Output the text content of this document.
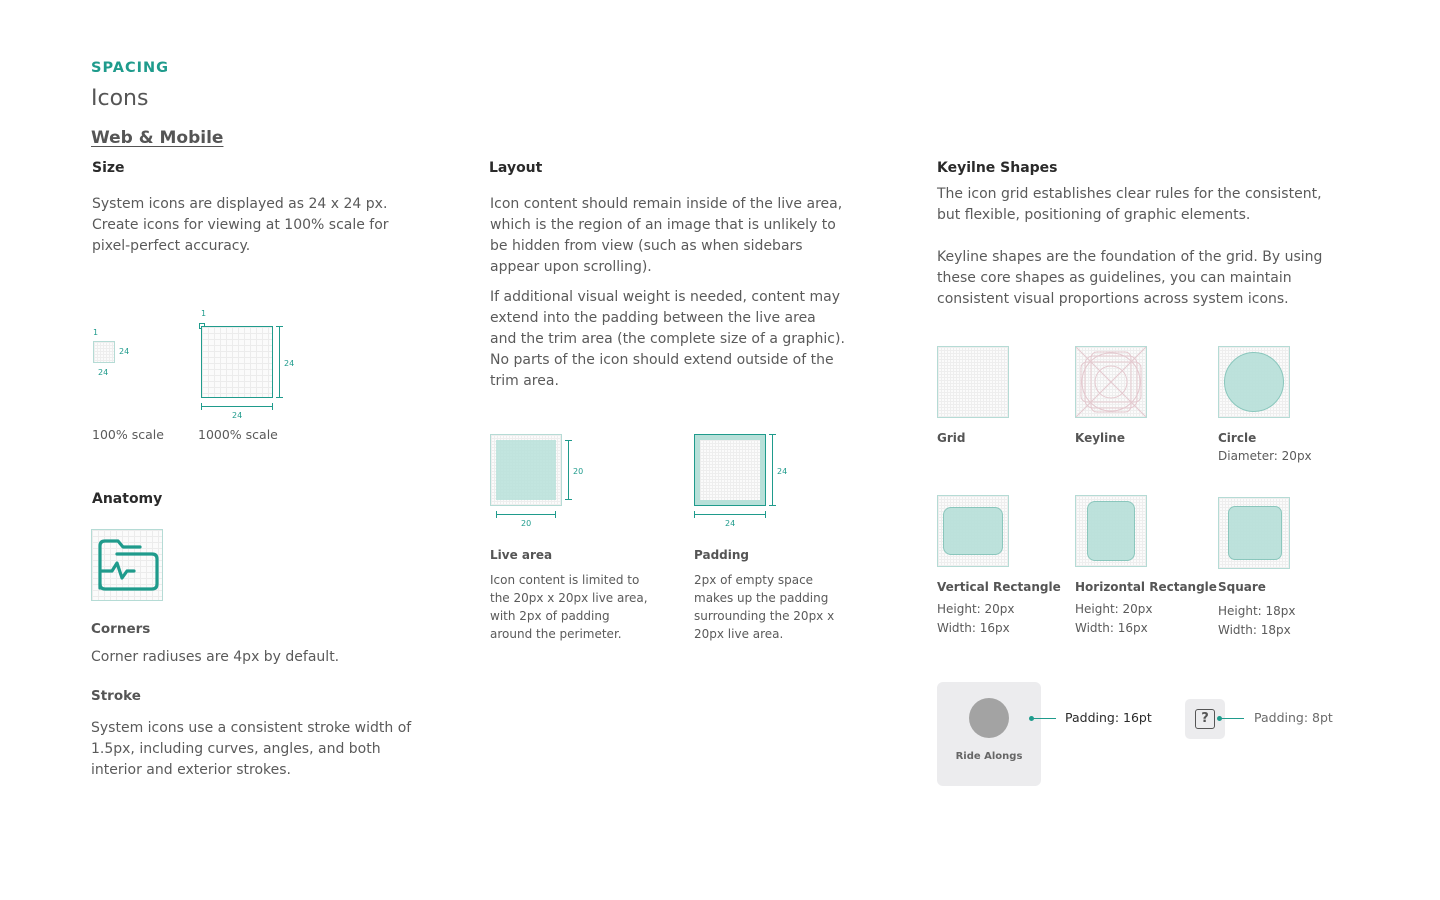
SPACING
Icons
Web & Mobile
Size
System icons are displayed as 24 x 24 px. Create icons for viewing at 100% scale for pixel-perfect accuracy.
1
24
24
100% scale
1
24
24
1000% scale
Anatomy
Corners
Corner radiuses are 4px by default.
Stroke
System icons use a consistent stroke width of 1.5px, including curves, angles, and both interior and exterior strokes.
Layout
Icon content should remain inside of the live area, which is the region of an image that is unlikely to be hidden from view (such as when sidebars appear upon scrolling).
If additional visual weight is needed, content may extend into the padding between the live area and the trim area (the complete size of a graphic). No parts of the icon should extend outside of the trim area.
20
20
Live area
Icon content is limited to the 20px x 20px live area, with 2px of padding around the perimeter.
24
24
Padding
2px of empty space makes up the padding surrounding the 20px x 20px live area.
Keyilne Shapes
The icon grid establishes clear rules for the consistent, but flexible, positioning of graphic elements.
Keyline shapes are the foundation of the grid. By using these core shapes as guidelines, you can maintain consistent visual proportions across system icons.
Grid	Keyline	Circle
Diameter: 20px
Vertical Rectangle
Height: 20px
Width: 16px
Horizontal Rectangle
Height: 20px
Width: 16px
Square
Height: 18px
Width: 18px
Ride Alongs
Padding: 16pt	?	Padding: 8pt
